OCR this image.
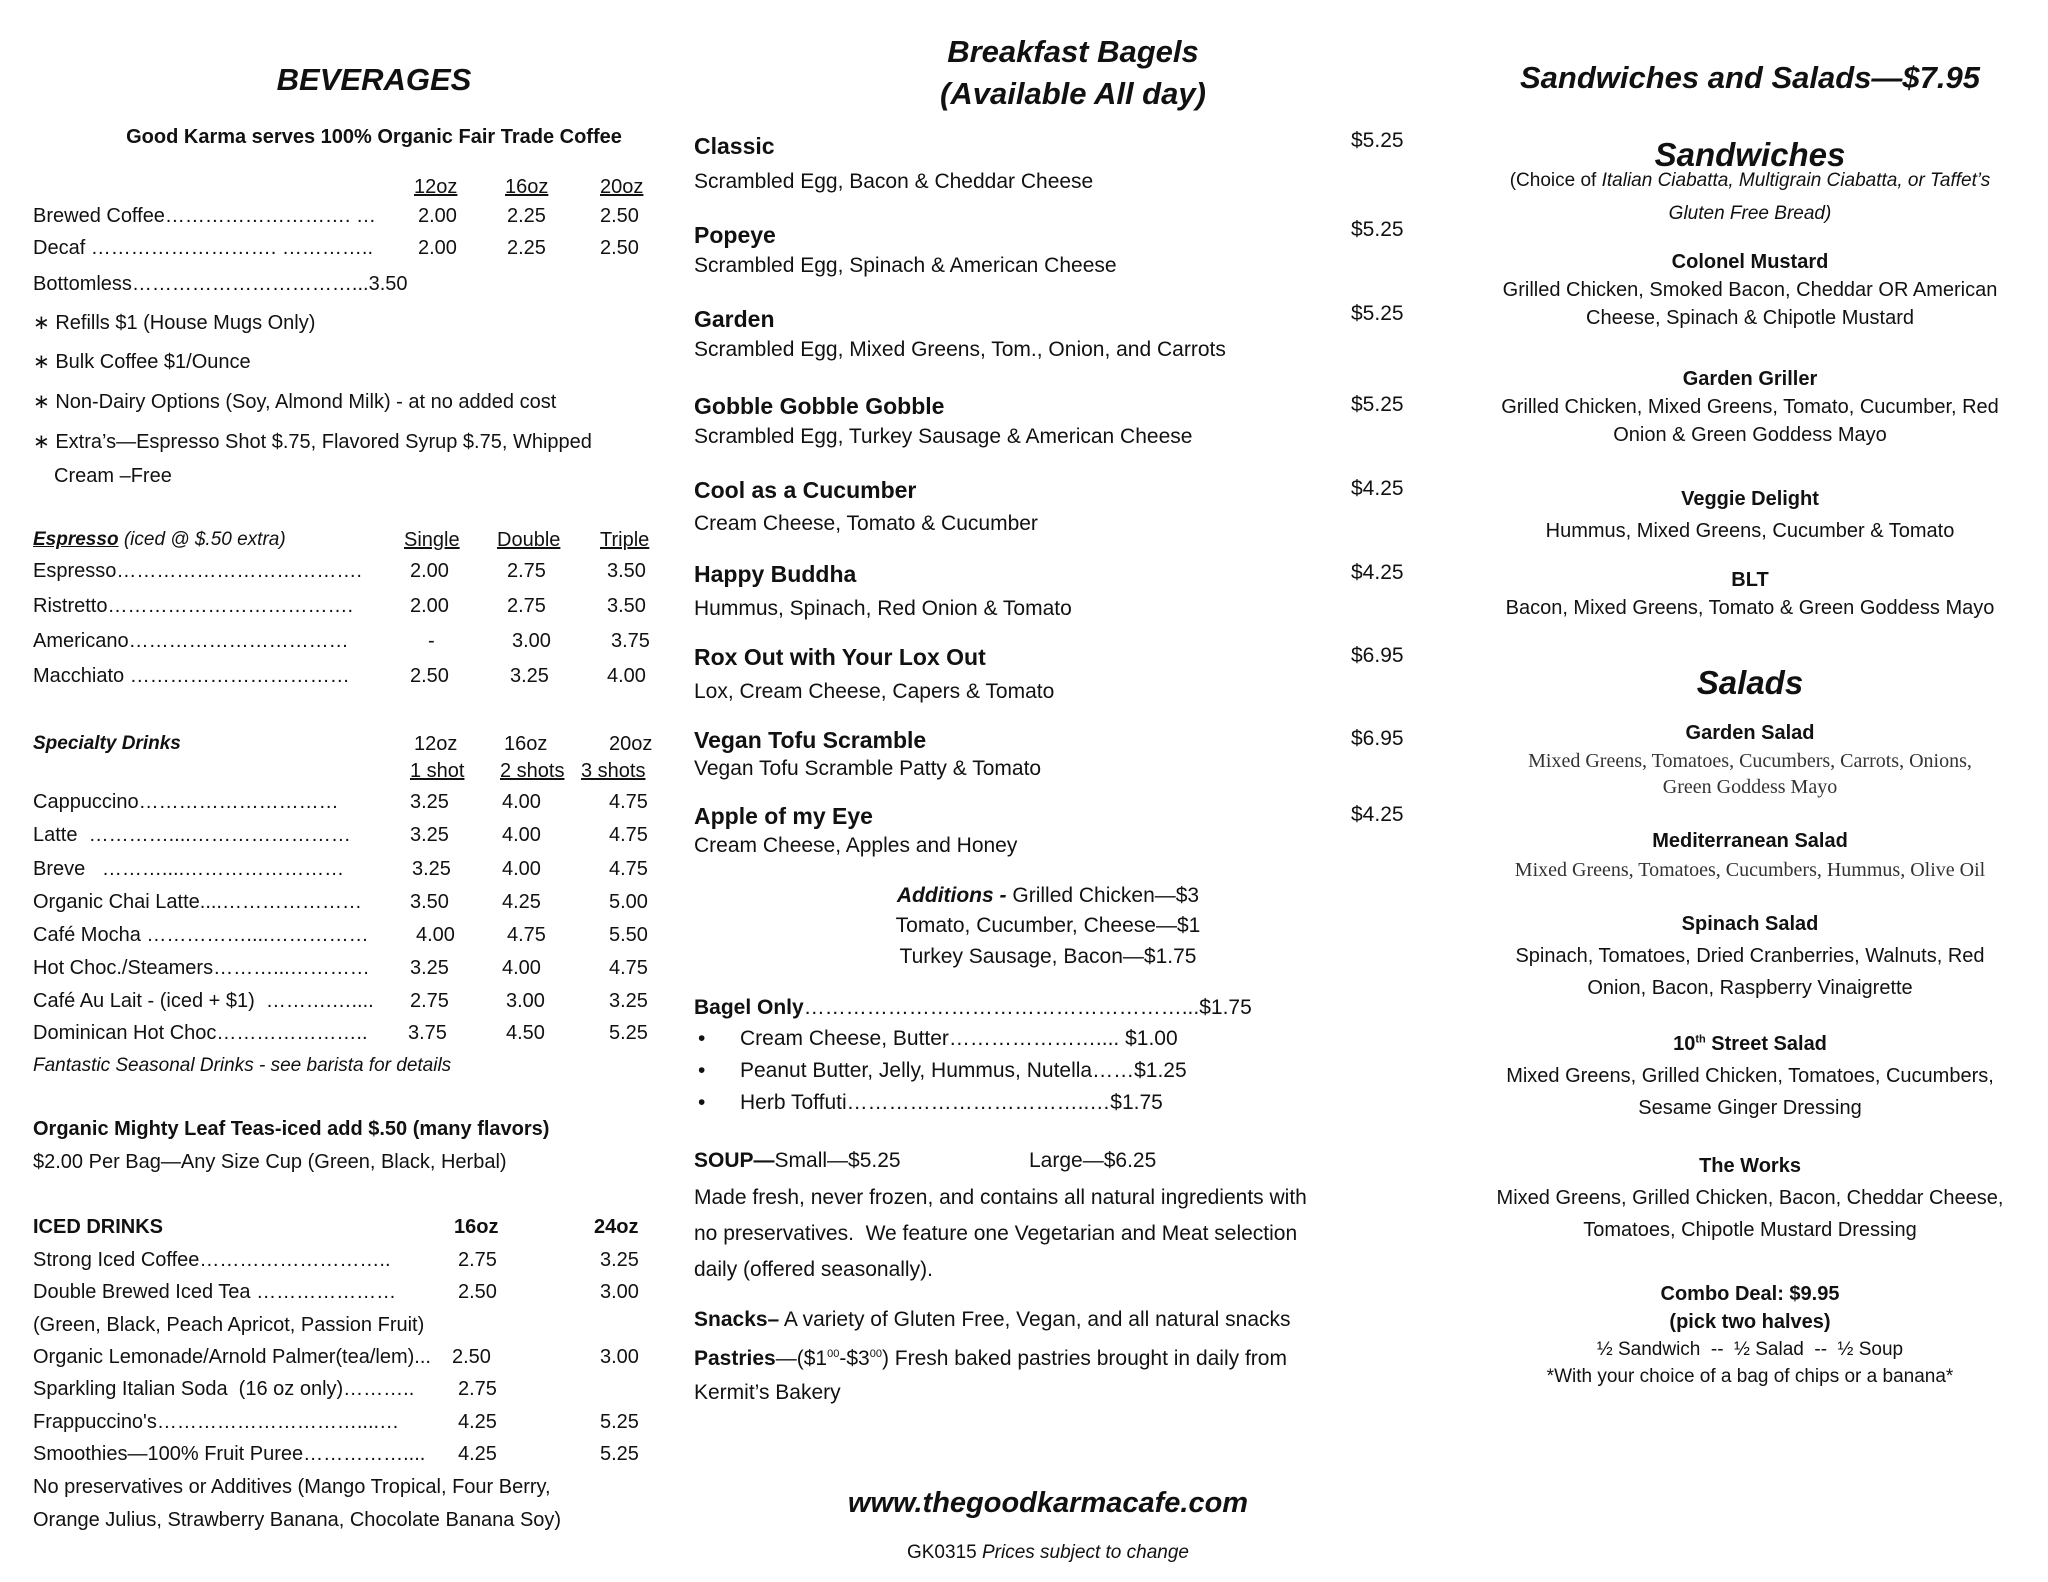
BEVERAGES
Good Karma serves 100% Organic Fair Trade Coffee
12oz 16oz	20oz
Brewed Coffee………………………. … 2.00	2.25	2.50
Decaf ………………………. ………….. 2.00	2.25	2.50
Bottomless……………………………...3.50
∗ Refills $1 (House Mugs Only)
∗ Bulk Coffee $1/Ounce
∗ Non-Dairy Options (Soy, Almond Milk) - at no added cost
∗ Extra’s—Espresso Shot $.75, Flavored Syrup $.75, Whipped
Cream –Free
Espresso (iced @ $.50 extra)	Single Double Triple
Espresso………………………………. 2.00	2.75	3.50
Ristretto……………………………….	2.00	2.75	3.50
Americano……………………………	-	3.00	3.75
Macchiato ……………………………	2.50	3.25	4.00
Specialty Drinks	12oz 16oz	20oz
1 shot 2 shots 3 shots
Cappuccino…………………………	3.25	4.00	4.75
Latte  …………....……………………	3.25	4.00	4.75
Breve   ………....……………………	3.25	4.00	4.75
Organic Chai Latte....………………… 3.50	4.25	5.00
Café Mocha ……………....…………… 4.00	4.75	5.50
Hot Choc./Steamers………...………… 3.25	4.00	4.75
Café Au Lait - (iced + $1)  ……….….... 2.75	3.00	3.25
Dominican Hot Choc………………….. 3.75	4.50	5.25
Fantastic Seasonal Drinks - see barista for details
Organic Mighty Leaf Teas-iced add $.50 (many flavors)
$2.00 Per Bag—Any Size Cup (Green, Black, Herbal)
ICED DRINKS	16oz	24oz
Strong Iced Coffee………………………..	2.75	3.25
Double Brewed Iced Tea …………………	2.50	3.00
(Green, Black, Peach Apricot, Passion Fruit)
Organic Lemonade/Arnold Palmer(tea/lem)... 2.50	3.00
Sparkling Italian Soda  (16 oz only)……….. 2.75
Frappuccino's…………………………....…	4.25	5.25
Smoothies—100% Fruit Puree…………….... 4.25	5.25
No preservatives or Additives (Mango Tropical, Four Berry,
Orange Julius, Strawberry Banana, Chocolate Banana Soy)
Breakfast Bagels
(Available All day)
Classic	$5.25
Scrambled Egg, Bacon & Cheddar Cheese
Popeye	$5.25
Scrambled Egg, Spinach & American Cheese
Garden	$5.25
Scrambled Egg, Mixed Greens, Tom., Onion, and Carrots
Gobble Gobble Gobble	$5.25
Scrambled Egg, Turkey Sausage & American Cheese
Cool as a Cucumber	$4.25
Cream Cheese, Tomato & Cucumber
Happy Buddha	$4.25
Hummus, Spinach, Red Onion & Tomato
Rox Out with Your Lox Out	$6.95
Lox, Cream Cheese, Capers & Tomato
Vegan Tofu Scramble	$6.95
Vegan Tofu Scramble Patty & Tomato
Apple of my Eye	$4.25
Cream Cheese, Apples and Honey
Additions - Grilled Chicken—$3
Tomato, Cucumber, Cheese—$1
Turkey Sausage, Bacon—$1.75
Bagel Only………………………………………………...$1.75
• Cream Cheese, Butter………………….... $1.00
• Peanut Butter, Jelly, Hummus, Nutella……$1.25
• Herb Toffuti……………………………..…$1.75
SOUP—Small—$5.25	Large—$6.25
Made fresh, never frozen, and contains all natural ingredients with
no preservatives.  We feature one Vegetarian and Meat selection
daily (offered seasonally).
Snacks– A variety of Gluten Free, Vegan, and all natural snacks
$Pastries—(\$1^{00}-\$3^{00})$ Fresh baked pastries brought in daily from
Kermit’s Bakery
www.thegoodkarmacafe.com
GK0315 Prices subject to change
Sandwiches and Salads—$7.95
Sandwiches
(Choice of Italian Ciabatta, Multigrain Ciabatta, or Taffet’s
Gluten Free Bread)
Colonel Mustard
Grilled Chicken, Smoked Bacon, Cheddar OR American
Cheese, Spinach & Chipotle Mustard
Garden Griller
Grilled Chicken, Mixed Greens, Tomato, Cucumber, Red
Onion & Green Goddess Mayo
Veggie Delight
Hummus, Mixed Greens, Cucumber & Tomato
BLT
Bacon, Mixed Greens, Tomato & Green Goddess Mayo
Salads
Garden Salad
Mixed Greens, Tomatoes, Cucumbers, Carrots, Onions,
Green Goddess Mayo
Mediterranean Salad
Mixed Greens, Tomatoes, Cucumbers, Hummus, Olive Oil
Spinach Salad
Spinach, Tomatoes, Dried Cranberries, Walnuts, Red
Onion, Bacon, Raspberry Vinaigrette
10th Street Salad
Mixed Greens, Grilled Chicken, Tomatoes, Cucumbers,
Sesame Ginger Dressing
The Works
Mixed Greens, Grilled Chicken, Bacon, Cheddar Cheese,
Tomatoes, Chipotle Mustard Dressing
Combo Deal: $9.95
(pick two halves)
½ Sandwich  --  ½ Salad  --  ½ Soup
*With your choice of a bag of chips or a banana*
